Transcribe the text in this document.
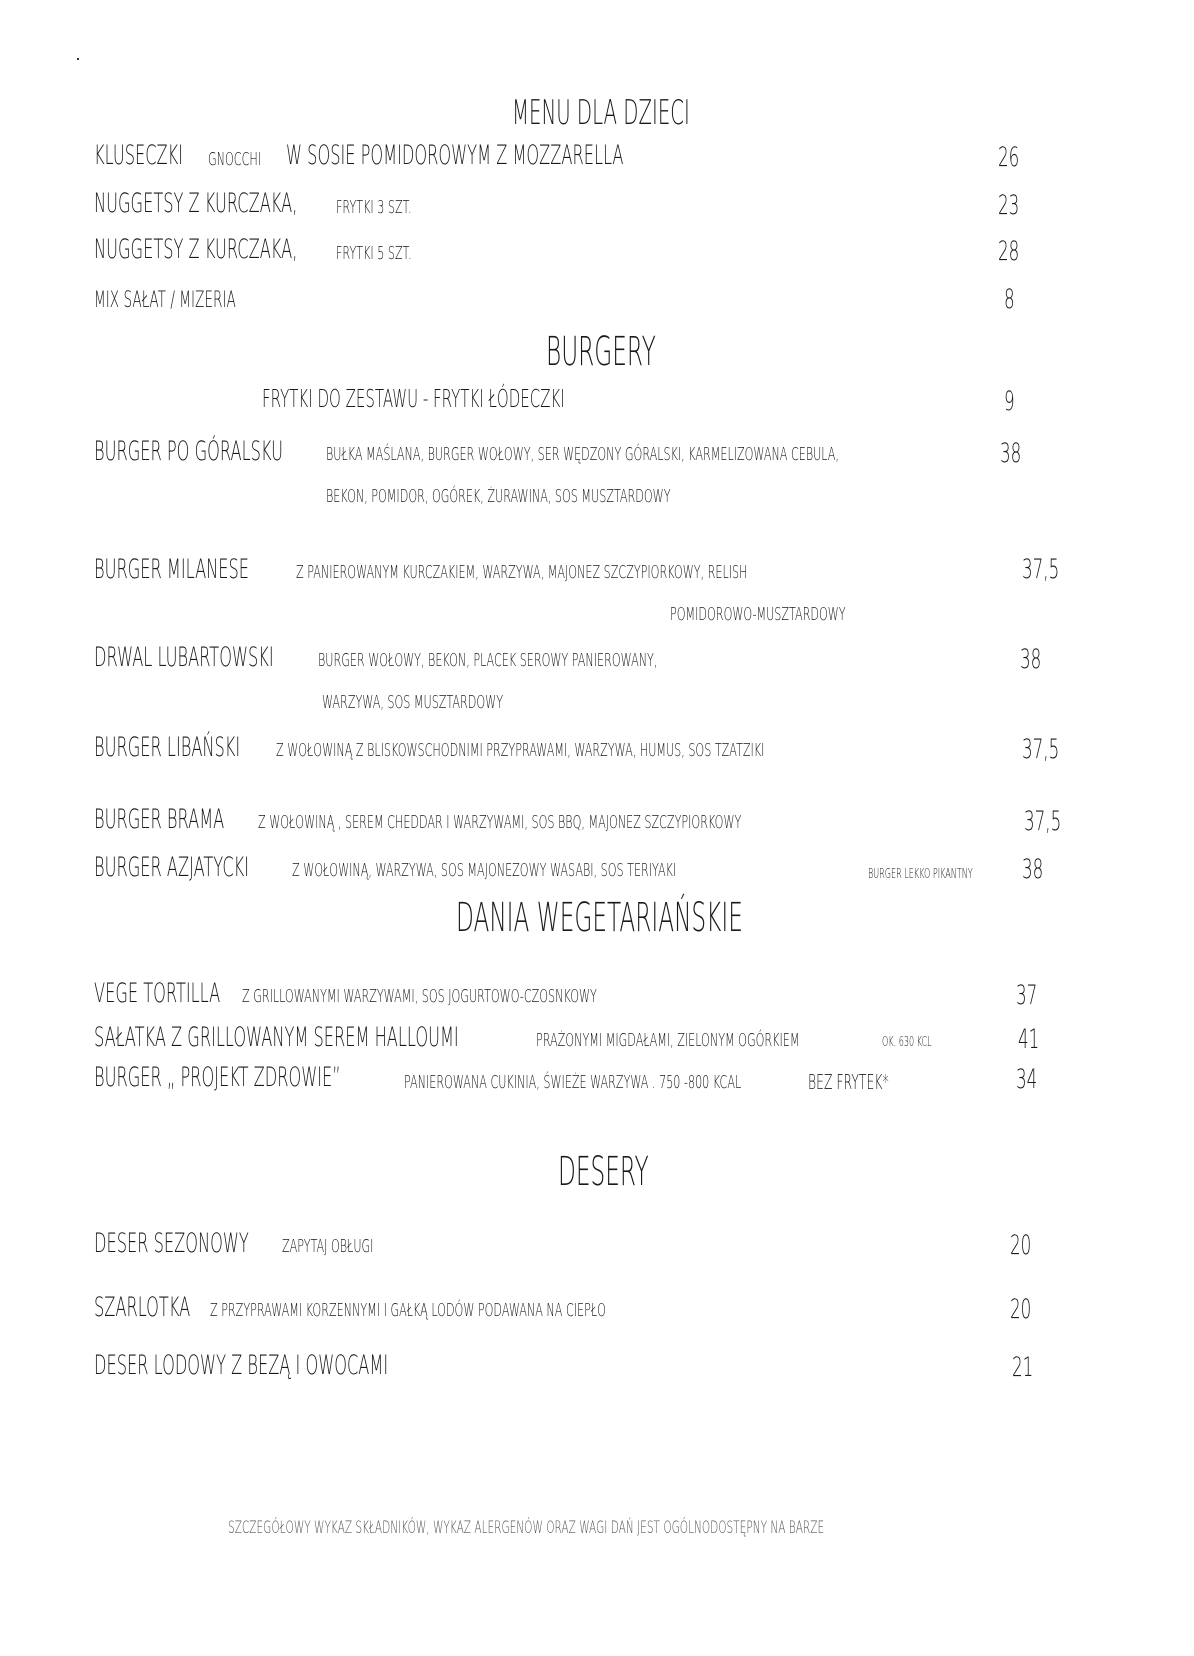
MENU DLA DZIECI
KLUSECZKI GNOCCHI W SOSIE POMIDOROWYM Z MOZZARELLA	26
NUGGETSY Z KURCZAKA, FRYTKI 3 SZT.	23
NUGGETSY Z KURCZAKA, FRYTKI 5 SZT.	28
MIX SAŁAT / MIZERIA	8
BURGERY
FRYTKI DO ZESTAWU - FRYTKI ŁÓDECZKI	9
BURGER PO GÓRALSKU BUŁKA MAŚLANA, BURGER WOŁOWY, SER WĘDZONY GÓRALSKI, KARMELIZOWANA CEBULA,	38
BEKON, POMIDOR, OGÓREK, ŻURAWINA, SOS MUSZTARDOWY
BURGER MILANESE	Z PANIEROWANYM KURCZAKIEM, WARZYWA, MAJONEZ SZCZYPIORKOWY, RELISH	37,5
POMIDOROWO-MUSZTARDOWY
DRWAL LUBARTOWSKI BURGER WOŁOWY, BEKON, PLACEK SEROWY PANIEROWANY,	38
WARZYWA, SOS MUSZTARDOWY
BURGER LIBAŃSKI Z WOŁOWINĄ Z BLISKOWSCHODNIMI PRZYPRAWAMI, WARZYWA, HUMUS, SOS TZATZIKI	37,5
BURGER BRAMA Z WOŁOWINĄ , SEREM CHEDDAR I WARZYWAMI, SOS BBQ, MAJONEZ SZCZYPIORKOWY	37,5
BURGER AZJATYCKI Z WOŁOWINĄ, WARZYWA, SOS MAJONEZOWY WASABI, SOS TERIYAKI	BURGER LEKKO PIKANTNY 38
DANIA WEGETARIAŃSKIE
VEGE TORTILLA Z GRILLOWANYMI WARZYWAMI, SOS JOGURTOWO-CZOSNKOWY	37
SAŁATKA Z GRILLOWANYM SEREM HALLOUMI	PRAŻONYMI MIGDAŁAMI, ZIELONYM OGÓRKIEM	OK. 630 KCL	41
BURGER „ PROJEKT ZDROWIE”	PANIEROWANA CUKINIA, ŚWIEŻE WARZYWA . 750 -800 KCAL	BEZ FRYTEK*	34
DESERY
DESER SEZONOWY ZAPYTAJ OBŁUGI	20
SZARLOTKA Z PRZYPRAWAMI KORZENNYMI I GAŁKĄ LODÓW PODAWANA NA CIEPŁO	20
DESER LODOWY Z BEZĄ I OWOCAMI	21
SZCZEGÓŁOWY WYKAZ SKŁADNIKÓW, WYKAZ ALERGENÓW ORAZ WAGI DAŃ JEST OGÓLNODOSTĘPNY NA BARZE
